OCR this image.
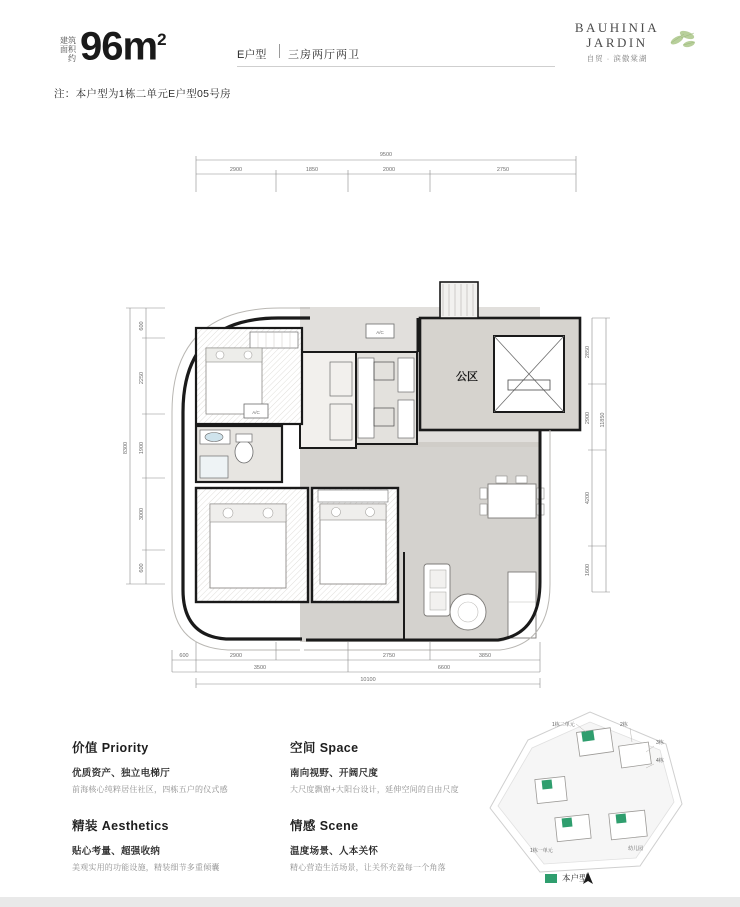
建筑
面积约 $96m^2$
E户型 三房两厅两卫
注：本户型为1栋二单元E户型05号房
BAUHINIA
JARDIN
自贸 · 滨傲棠湖
9500
2900	1850	2000	2750
公区
A/C
A/C
8300
600
2250
1900
3000
600
2850
2900
4200
1600
11850
600	2900	2750	3850
3500	6600
10100
价值 Priority
优质资产、独立电梯厅
前海核心纯粹居住社区，四栋五户的仪式感
空间 Space
南向视野、开阔尺度
大尺度飘窗+大阳台设计，延伸空间的自由尺度
精装 Aesthetics
贴心考量、超强收纳
美观实用的功能设施，精装细节多重倾囊
情感 Scene
温度场景、人本关怀
精心营造生活场景，让关怀充盈每一个角落
1栋二单元	2栋
3栋
4栋
幼儿园
1栋一单元
本户型
